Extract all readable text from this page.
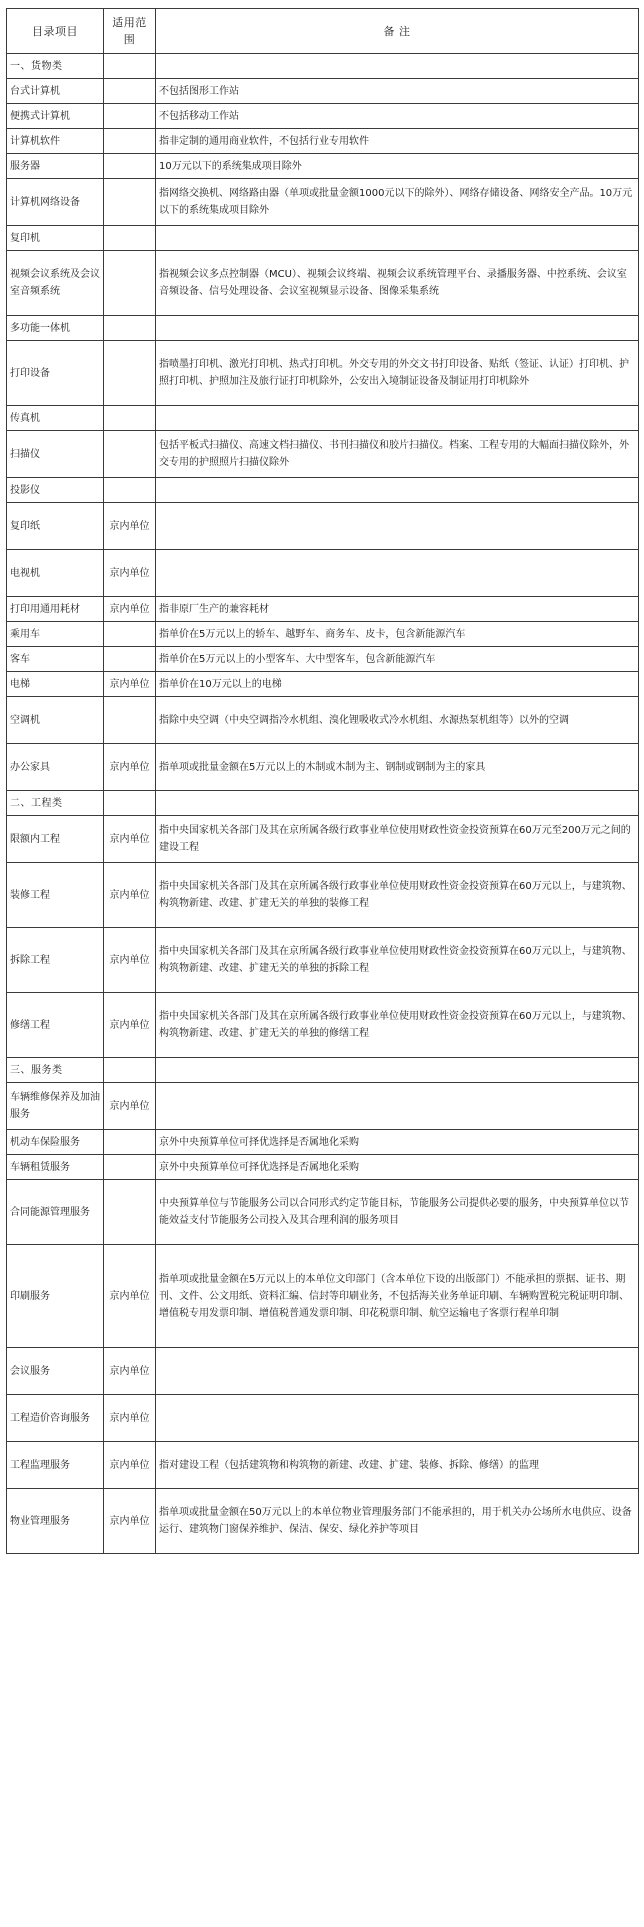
目录项目	适用范围	备 注
一、货物类		
台式计算机		不包括图形工作站
便携式计算机		不包括移动工作站
计算机软件		指非定制的通用商业软件，不包括行业专用软件
服务器		10万元以下的系统集成项目除外
计算机网络设备		指网络交换机、网络路由器（单项或批量金额1000元以下的除外）、网络存储设备、网络安全产品。10万元以下的系统集成项目除外
复印机		
视频会议系统及会议室音频系统		指视频会议多点控制器（MCU）、视频会议终端、视频会议系统管理平台、录播服务器、中控系统、会议室音频设备、信号处理设备、会议室视频显示设备、图像采集系统
多功能一体机		
打印设备		指喷墨打印机、激光打印机、热式打印机。外交专用的外交文书打印设备、贴纸（签证、认证）打印机、护照打印机、护照加注及旅行证打印机除外，公安出入境制证设备及制证用打印机除外
传真机		
扫描仪		包括平板式扫描仪、高速文档扫描仪、书刊扫描仪和胶片扫描仪。档案、工程专用的大幅面扫描仪除外，外交专用的护照照片扫描仪除外
投影仪		
复印纸	京内单位	
电视机	京内单位	
打印用通用耗材	京内单位	指非原厂生产的兼容耗材
乘用车		指单价在5万元以上的轿车、越野车、商务车、皮卡，包含新能源汽车
客车		指单价在5万元以上的小型客车、大中型客车，包含新能源汽车
电梯	京内单位	指单价在10万元以上的电梯
空调机		指除中央空调（中央空调指冷水机组、溴化锂吸收式冷水机组、水源热泵机组等）以外的空调
办公家具	京内单位	指单项或批量金额在5万元以上的木制或木制为主、钢制或钢制为主的家具
二、工程类		
限额内工程	京内单位	指中央国家机关各部门及其在京所属各级行政事业单位使用财政性资金投资预算在60万元至200万元之间的建设工程
装修工程	京内单位	指中央国家机关各部门及其在京所属各级行政事业单位使用财政性资金投资预算在60万元以上，与建筑物、构筑物新建、改建、扩建无关的单独的装修工程
拆除工程	京内单位	指中央国家机关各部门及其在京所属各级行政事业单位使用财政性资金投资预算在60万元以上，与建筑物、构筑物新建、改建、扩建无关的单独的拆除工程
修缮工程	京内单位	指中央国家机关各部门及其在京所属各级行政事业单位使用财政性资金投资预算在60万元以上，与建筑物、构筑物新建、改建、扩建无关的单独的修缮工程
三、服务类		
车辆维修保养及加油服务	京内单位	
机动车保险服务		京外中央预算单位可择优选择是否属地化采购
车辆租赁服务		京外中央预算单位可择优选择是否属地化采购
合同能源管理服务		中央预算单位与节能服务公司以合同形式约定节能目标，节能服务公司提供必要的服务，中央预算单位以节能效益支付节能服务公司投入及其合理利润的服务项目
印刷服务	京内单位	指单项或批量金额在5万元以上的本单位文印部门（含本单位下设的出版部门）不能承担的票据、证书、期刊、文件、公文用纸、资料汇编、信封等印刷业务，不包括海关业务单证印刷、车辆购置税完税证明印制、增值税专用发票印制、增值税普通发票印制、印花税票印制、航空运输电子客票行程单印制
会议服务	京内单位	
工程造价咨询服务	京内单位	
工程监理服务	京内单位	指对建设工程（包括建筑物和构筑物的新建、改建、扩建、装修、拆除、修缮）的监理
物业管理服务	京内单位	指单项或批量金额在50万元以上的本单位物业管理服务部门不能承担的，用于机关办公场所水电供应、设备运行、建筑物门窗保养维护、保洁、保安、绿化养护等项目
